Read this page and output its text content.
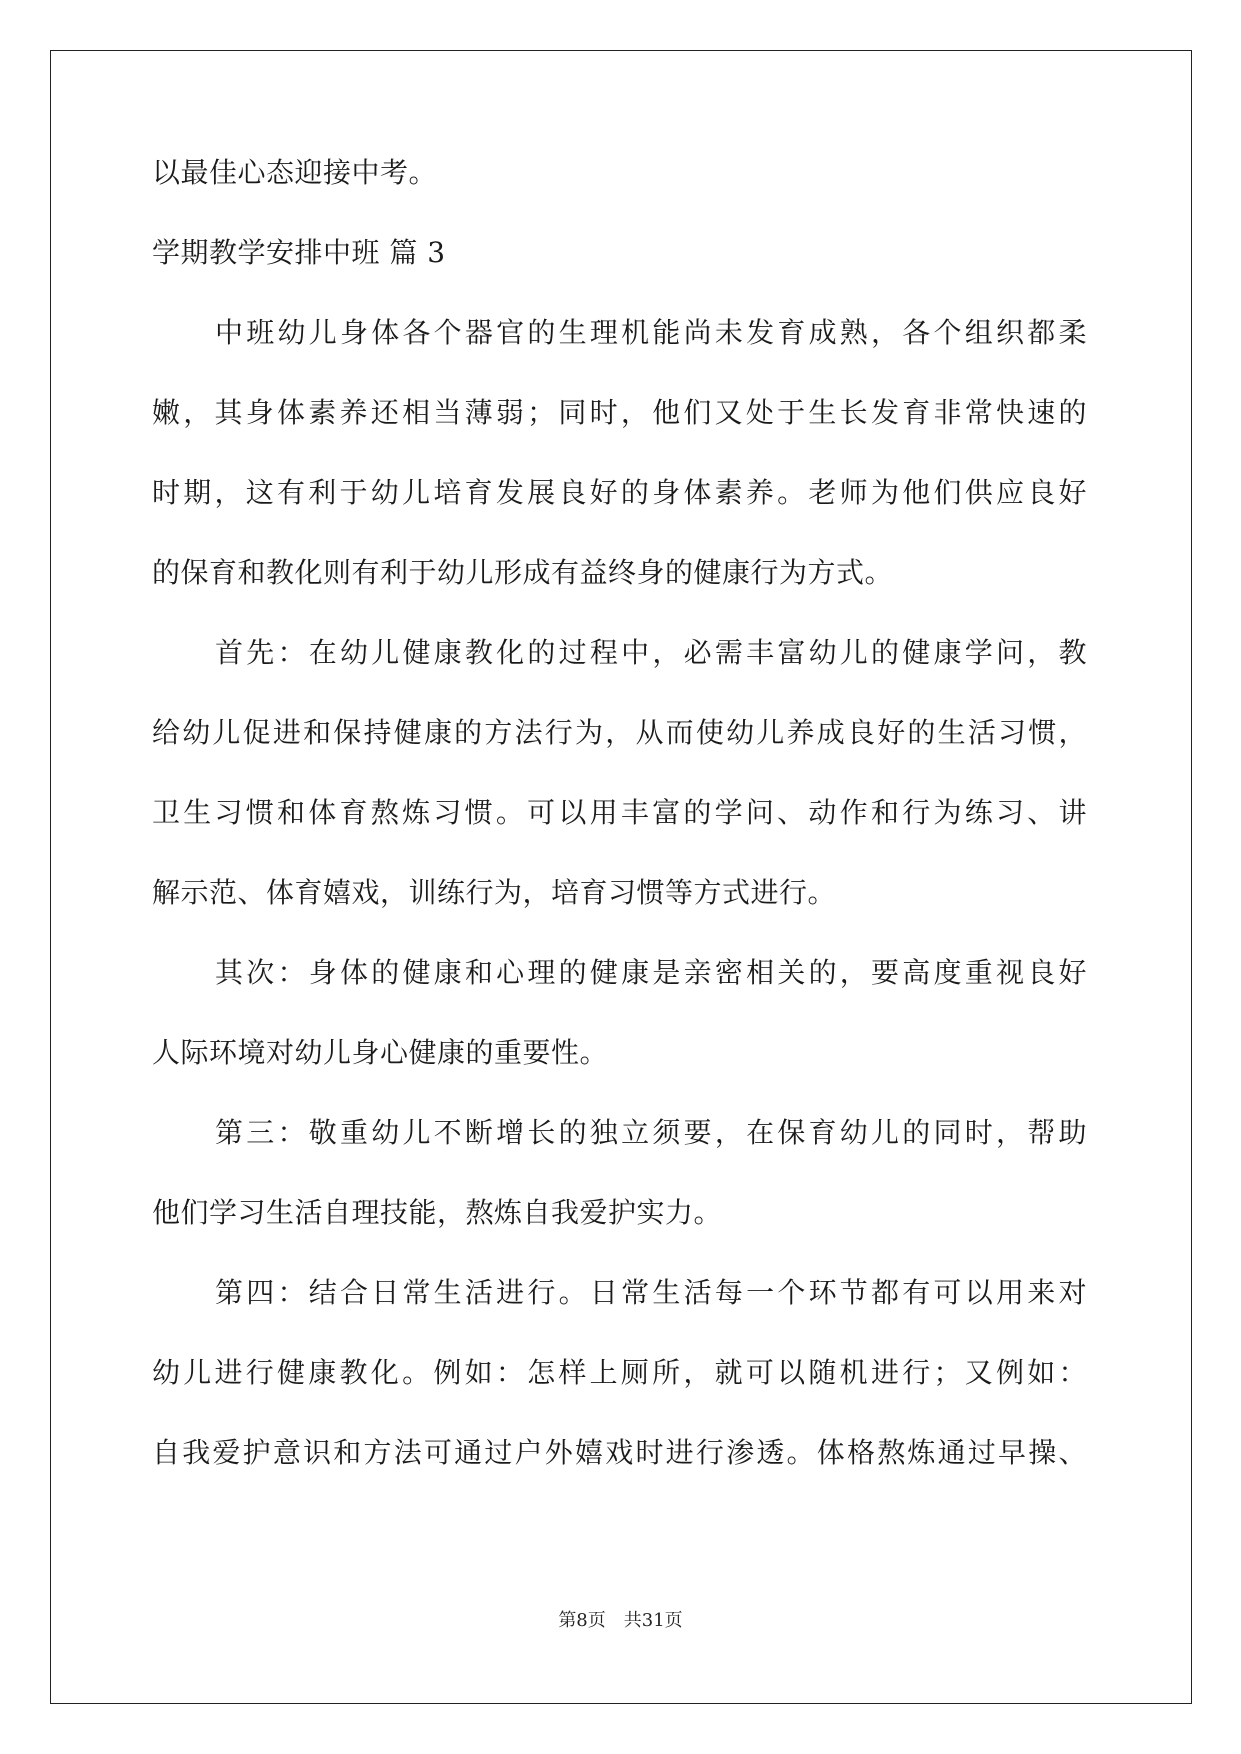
以最佳心态迎接中考。
学期教学安排中班 篇 3
中班幼儿身体各个器官的生理机能尚未发育成熟，各个组织都柔
嫩，其身体素养还相当薄弱；同时，他们又处于生长发育非常快速的
时期，这有利于幼儿培育发展良好的身体素养。老师为他们供应良好
的保育和教化则有利于幼儿形成有益终身的健康行为方式。
首先：在幼儿健康教化的过程中，必需丰富幼儿的健康学问，教
给幼儿促进和保持健康的方法行为，从而使幼儿养成良好的生活习惯，
卫生习惯和体育熬炼习惯。可以用丰富的学问、动作和行为练习、讲
解示范、体育嬉戏，训练行为，培育习惯等方式进行。
其次：身体的健康和心理的健康是亲密相关的，要高度重视良好
人际环境对幼儿身心健康的重要性。
第三：敬重幼儿不断增长的独立须要，在保育幼儿的同时，帮助
他们学习生活自理技能，熬炼自我爱护实力。
第四：结合日常生活进行。日常生活每一个环节都有可以用来对
幼儿进行健康教化。例如：怎样上厕所，就可以随机进行；又例如：
自我爱护意识和方法可通过户外嬉戏时进行渗透。体格熬炼通过早操、
第8页 共31页
